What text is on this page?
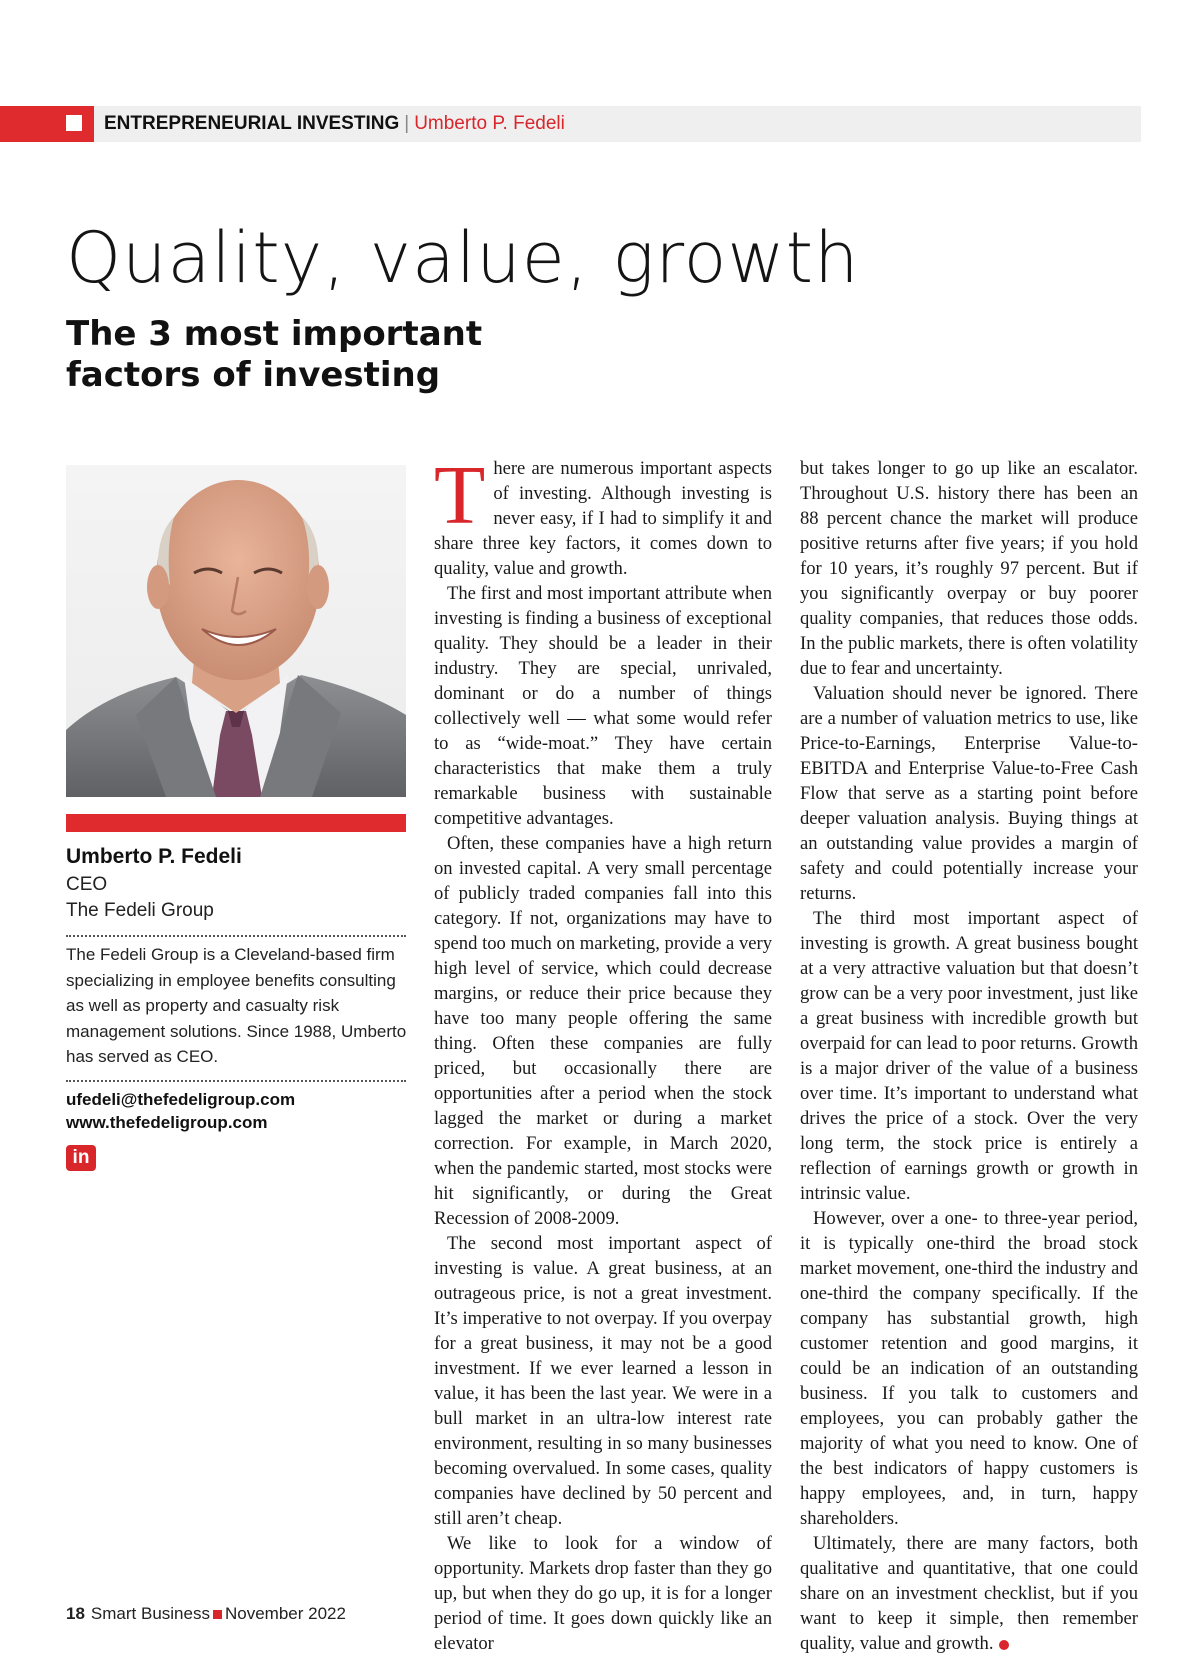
ENTREPRENEURIAL INVESTING | Umberto P. Fedeli
Quality, value, growth
The 3 most important factors of investing
Umberto P. Fedeli
CEO
The Fedeli Group

The Fedeli Group is a Cleveland-based firm specializing in employee benefits consulting as well as property and casualty risk management solutions. Since 1988, Umberto has served as CEO.

ufedeli@thefedeligroup.com
www.thefedeligroup.com
in

There are numerous important aspects of investing. Although investing is never easy, if I had to simplify it and share three key factors, it comes down to quality, value and growth.

The first and most important attribute when investing is finding a business of exceptional quality. They should be a leader in their industry. They are special, unrivaled, dominant or do a number of things collectively well — what some would refer to as “wide-moat.” They have certain characteristics that make them a truly remarkable business with sustainable competitive advantages.

Often, these companies have a high return on invested capital. A very small percentage of publicly traded companies fall into this category. If not, organizations may have to spend too much on marketing, provide a very high level of service, which could decrease margins, or reduce their price because they have too many people offering the same thing. Often these companies are fully priced, but occasionally there are opportunities after a period when the stock lagged the market or during a market correction. For example, in March 2020, when the pandemic started, most stocks were hit significantly, or during the Great Recession of 2008-2009.

The second most important aspect of investing is value. A great business, at an outrageous price, is not a great investment. It’s imperative to not overpay. If you overpay for a great business, it may not be a good investment. If we ever learned a lesson in value, it has been the last year. We were in a bull market in an ultra-low interest rate environment, resulting in so many businesses becoming overvalued. In some cases, quality companies have declined by 50 percent and still aren’t cheap.

We like to look for a window of opportunity. Markets drop faster than they go up, but when they do go up, it is for a longer period of time. It goes down quickly like an elevator

but takes longer to go up like an escalator. Throughout U.S. history there has been an 88 percent chance the market will produce positive returns after five years; if you hold for 10 years, it’s roughly 97 percent. But if you significantly overpay or buy poorer quality companies, that reduces those odds. In the public markets, there is often volatility due to fear and uncertainty.

Valuation should never be ignored. There are a number of valuation metrics to use, like Price-to-Earnings, Enterprise Value-to-EBITDA and Enterprise Value-to-Free Cash Flow that serve as a starting point before deeper valuation analysis. Buying things at an outstanding value provides a margin of safety and could potentially increase your returns.

The third most important aspect of investing is growth. A great business bought at a very attractive valuation but that doesn’t grow can be a very poor investment, just like a great business with incredible growth but overpaid for can lead to poor returns. Growth is a major driver of the value of a business over time. It’s important to understand what drives the price of a stock. Over the very long term, the stock price is entirely a reflection of earnings growth or growth in intrinsic value.

However, over a one- to three-year period, it is typically one-third the broad stock market movement, one-third the industry and one-third the company specifically. If the company has substantial growth, high customer retention and good margins, it could be an indication of an outstanding business. If you talk to customers and employees, you can probably gather the majority of what you need to know. One of the best indicators of happy customers is happy employees, and, in turn, happy shareholders.

Ultimately, there are many factors, both qualitative and quantitative, that one could share on an investment checklist, but if you want to keep it simple, then remember quality, value and growth.

18 Smart Business November 2022
